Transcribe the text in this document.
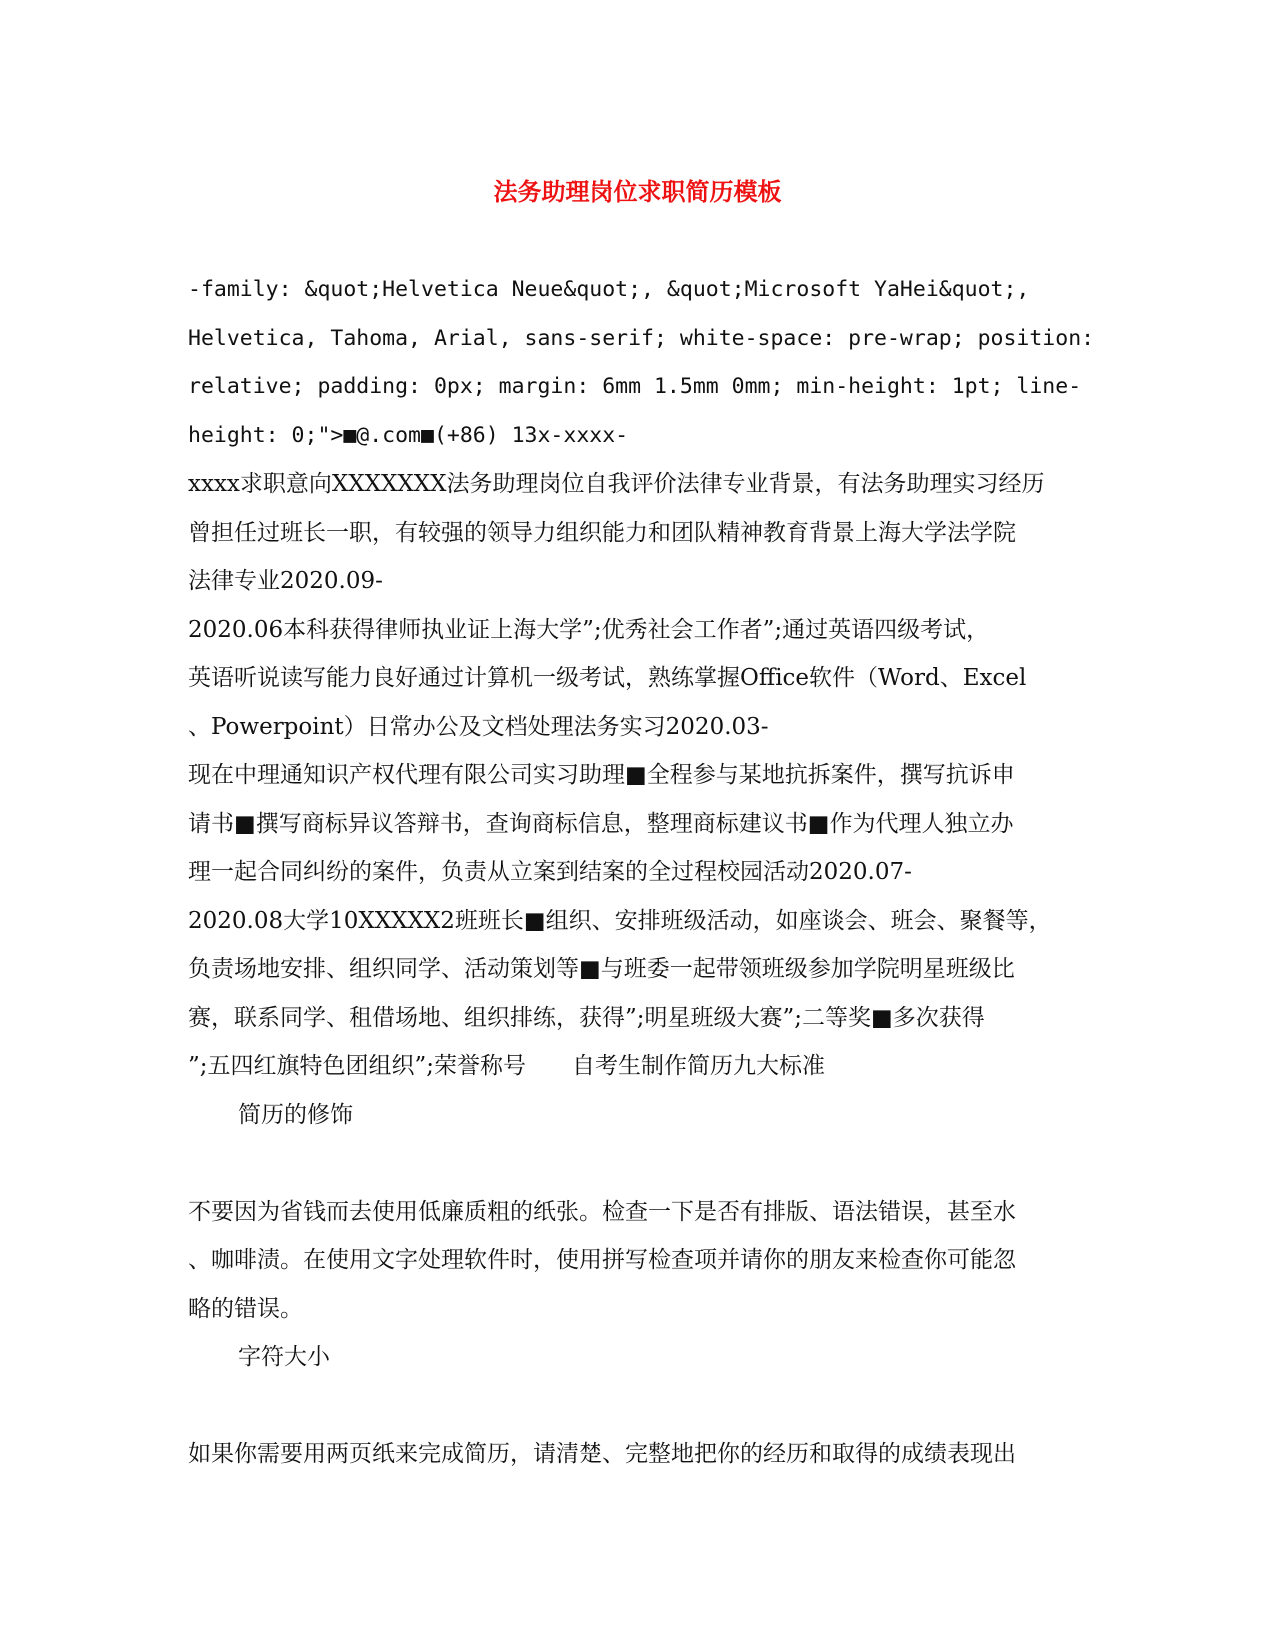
法务助理岗位求职简历模板
-family: &quot;Helvetica Neue&quot;, &quot;Microsoft YaHei&quot;,
Helvetica, Tahoma, Arial, sans-serif; white-space: pre-wrap; position:
relative; padding: 0px; margin: 6mm 1.5mm 0mm; min-height: 1pt; line-
height: 0;">■@.com■(+86) 13x-xxxx-
xxxx求职意向XXXXXXX法务助理岗位自我评价法律专业背景，有法务助理实习经历
曾担任过班长一职，有较强的领导力组织能力和团队精神教育背景上海大学法学院
法律专业2020.09-
2020.06本科获得律师执业证上海大学”;优秀社会工作者”;通过英语四级考试，
英语听说读写能力良好通过计算机一级考试，熟练掌握Office软件（Word、Excel
、Powerpoint）日常办公及文档处理法务实习2020.03-
现在中理通知识产权代理有限公司实习助理■全程参与某地抗拆案件，撰写抗诉申
请书■撰写商标异议答辩书，查询商标信息，整理商标建议书■作为代理人独立办
理一起合同纠纷的案件，负责从立案到结案的全过程校园活动2020.07-
2020.08大学10XXXXX2班班长■组织、安排班级活动，如座谈会、班会、聚餐等，
负责场地安排、组织同学、活动策划等■与班委一起带领班级参加学院明星班级比
赛，联系同学、租借场地、组织排练，获得”;明星班级大赛”;二等奖■多次获得
”;五四红旗特色团组织”;荣誉称号　　自考生制作简历九大标准
简历的修饰
不要因为省钱而去使用低廉质粗的纸张。检查一下是否有排版、语法错误，甚至水
、咖啡渍。在使用文字处理软件时，使用拼写检查项并请你的朋友来检查你可能忽
略的错误。
字符大小
如果你需要用两页纸来完成简历，请清楚、完整地把你的经历和取得的成绩表现出
